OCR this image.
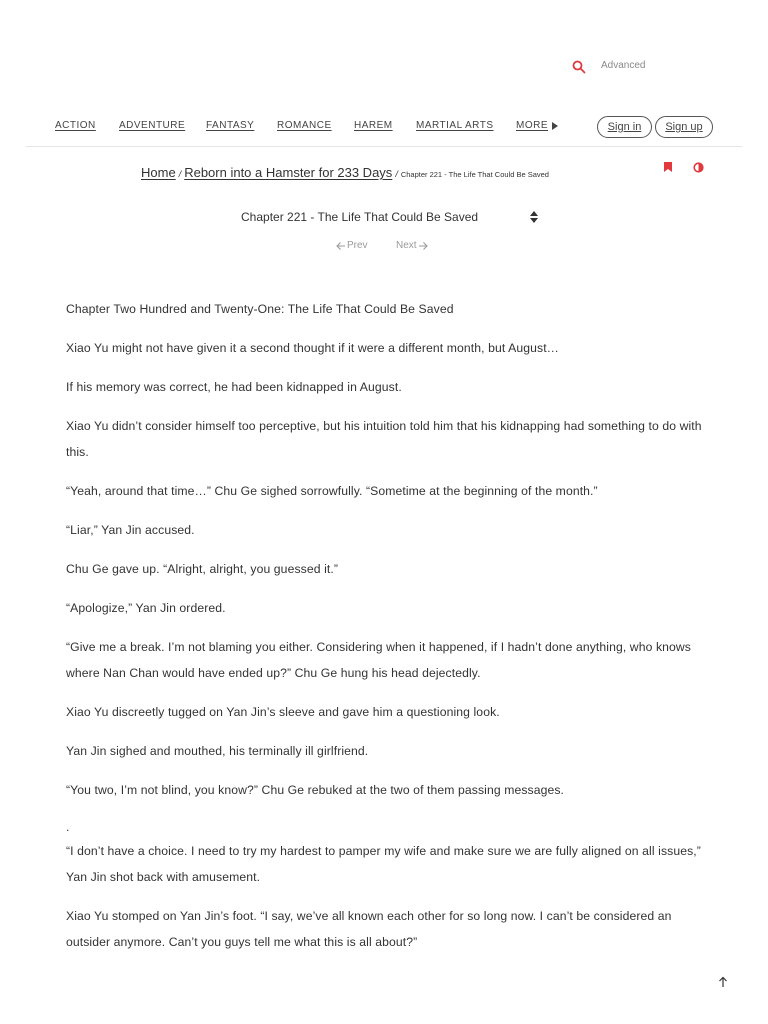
Advanced
ACTION ADVENTURE FANTASY ROMANCE HAREM MARTIAL ARTS MORE	Sign in	Sign up
Home / Reborn into a Hamster for 233 Days / Chapter 221 - The Life That Could Be Saved
Chapter 221 - The Life That Could Be Saved
Prev	Next

Chapter Two Hundred and Twenty-One: The Life That Could Be Saved

Xiao Yu might not have given it a second thought if it were a different month, but August…

If his memory was correct, he had been kidnapped in August.

Xiao Yu didn’t consider himself too perceptive, but his intuition told him that his kidnapping had something to do with this.

“Yeah, around that time…” Chu Ge sighed sorrowfully. “Sometime at the beginning of the month.”

“Liar,” Yan Jin accused.

Chu Ge gave up. “Alright, alright, you guessed it.”

“Apologize,” Yan Jin ordered.

“Give me a break. I’m not blaming you either. Considering when it happened, if I hadn’t done anything, who knows where Nan Chan would have ended up?” Chu Ge hung his head dejectedly.

Xiao Yu discreetly tugged on Yan Jin’s sleeve and gave him a questioning look.

Yan Jin sighed and mouthed, his terminally ill girlfriend.

“You two, I’m not blind, you know?” Chu Ge rebuked at the two of them passing messages.

.

“I don’t have a choice. I need to try my hardest to pamper my wife and make sure we are fully aligned on all issues,” Yan Jin shot back with amusement.

Xiao Yu stomped on Yan Jin’s foot. “I say, we’ve all known each other for so long now. I can’t be considered an outsider anymore. Can’t you guys tell me what this is all about?”
